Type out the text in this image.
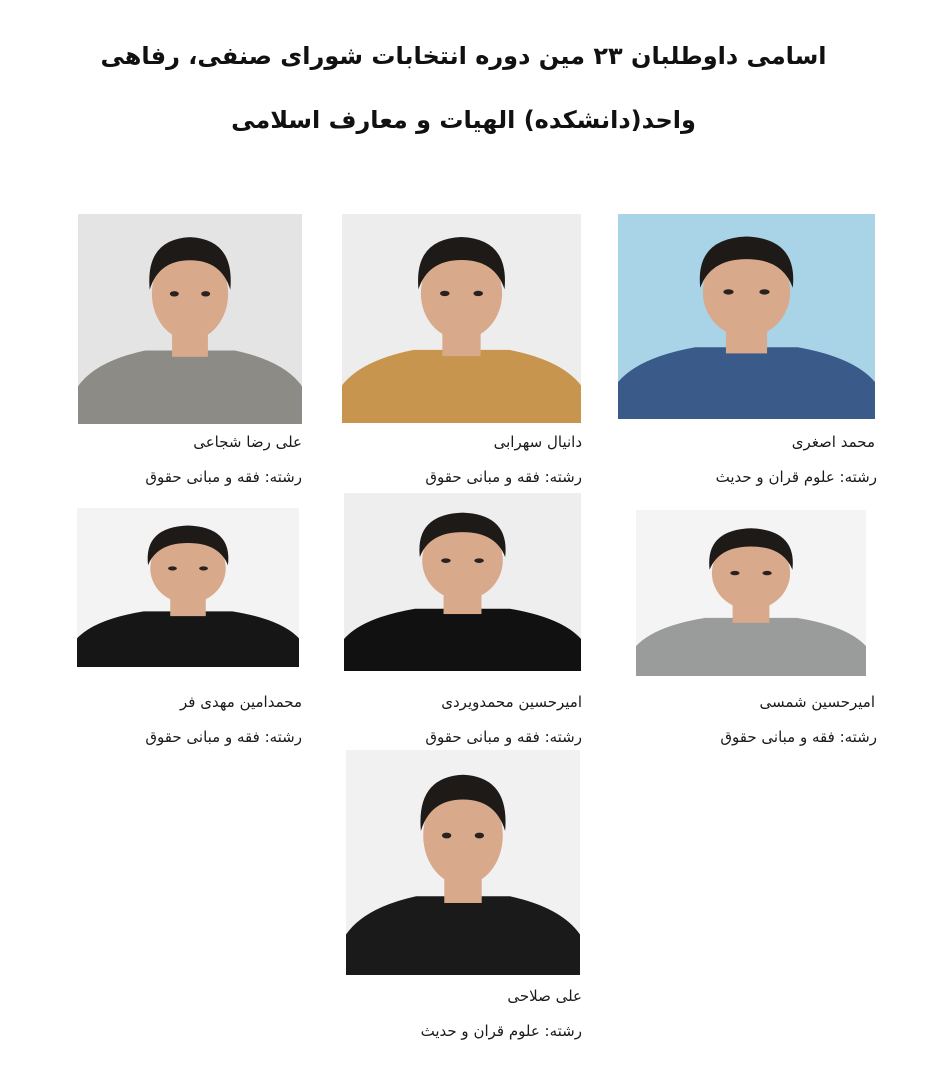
اسامی داوطلبان ۲۳ مین دوره انتخابات شورای صنفی، رفاهی
واحد(دانشکده) الهیات و معارف اسلامی
محمد اصغری
رشته: علوم قران و حدیث
دانیال سهرابی
رشته: فقه و مبانی حقوق
علی رضا شجاعی
رشته: فقه و مبانی حقوق
امیرحسین شمسی
رشته: فقه و مبانی حقوق
امیرحسین محمدویردی
رشته: فقه و مبانی حقوق
محمدامین مهدی فر
رشته: فقه و مبانی حقوق
علی صلاحی
رشته: علوم قران و حدیث
